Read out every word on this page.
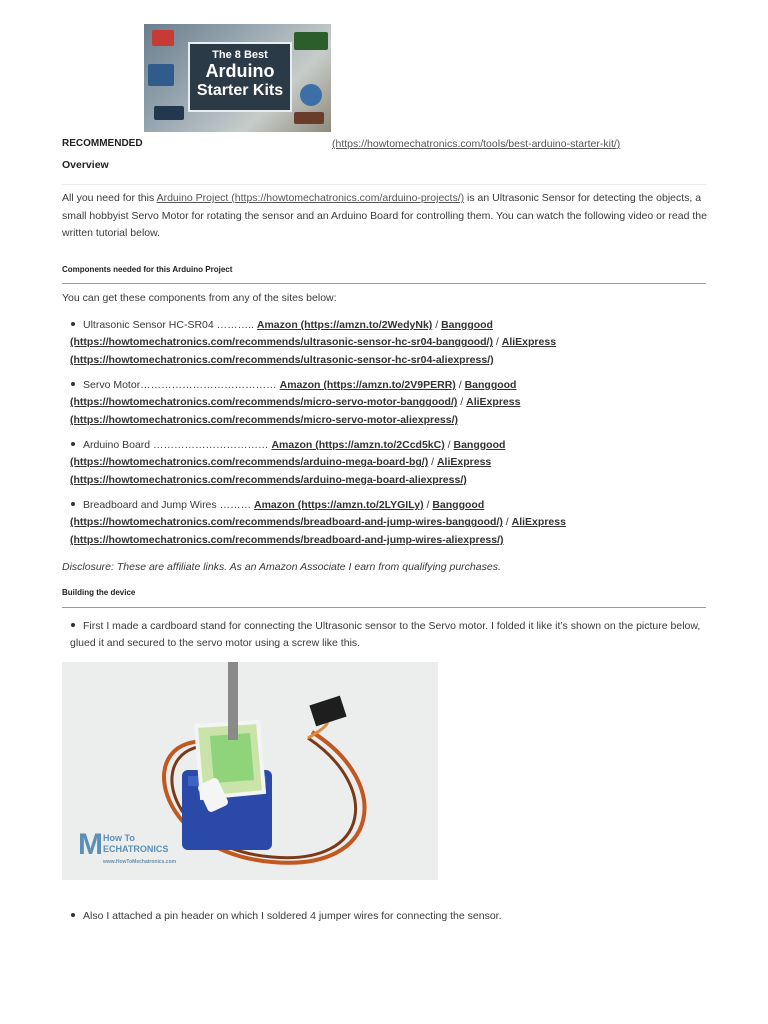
The 8 Best
Arduino
Starter Kits
RECOMMENDED	(https://howtomechatronics.com/tools/best-arduino-starter-kit/)
Overview
All you need for this Arduino Project (https://howtomechatronics.com/arduino-projects/) is an Ultrasonic Sensor for detecting the objects, a small hobbyist Servo Motor for rotating the sensor and an Arduino Board for controlling them. You can watch the following video or read the written tutorial below.
Components needed for this Arduino Project
You can get these components from any of the sites below:
Ultrasonic Sensor HC-SR04 ……….. Amazon (https://amzn.to/2WedyNk) / Banggood (https://howtomechatronics.com/recommends/ultrasonic-sensor-hc-sr04-banggood/) / AliExpress (https://howtomechatronics.com/recommends/ultrasonic-sensor-hc-sr04-aliexpress/)
Servo Motor………………………………… Amazon (https://amzn.to/2V9PERR) / Banggood (https://howtomechatronics.com/recommends/micro-servo-motor-banggood/) / AliExpress (https://howtomechatronics.com/recommends/micro-servo-motor-aliexpress/)
Arduino Board …………………………… Amazon (https://amzn.to/2Ccd5kC) / Banggood (https://howtomechatronics.com/recommends/arduino-mega-board-bg/) / AliExpress (https://howtomechatronics.com/recommends/arduino-mega-board-aliexpress/)
Breadboard and Jump Wires ……… Amazon (https://amzn.to/2LYGILy) / Banggood (https://howtomechatronics.com/recommends/breadboard-and-jump-wires-banggood/) / AliExpress (https://howtomechatronics.com/recommends/breadboard-and-jump-wires-aliexpress/)
Disclosure: These are affiliate links. As an Amazon Associate I earn from qualifying purchases.
Building the device
First I made a cardboard stand for connecting the Ultrasonic sensor to the Servo motor. I folded it like it’s shown on the picture below, glued it and secured to the servo motor using a screw like this.
MHow To
ECHATRONICS
www.HowToMechatronics.com
Also I attached a pin header on which I soldered 4 jumper wires for connecting the sensor.
